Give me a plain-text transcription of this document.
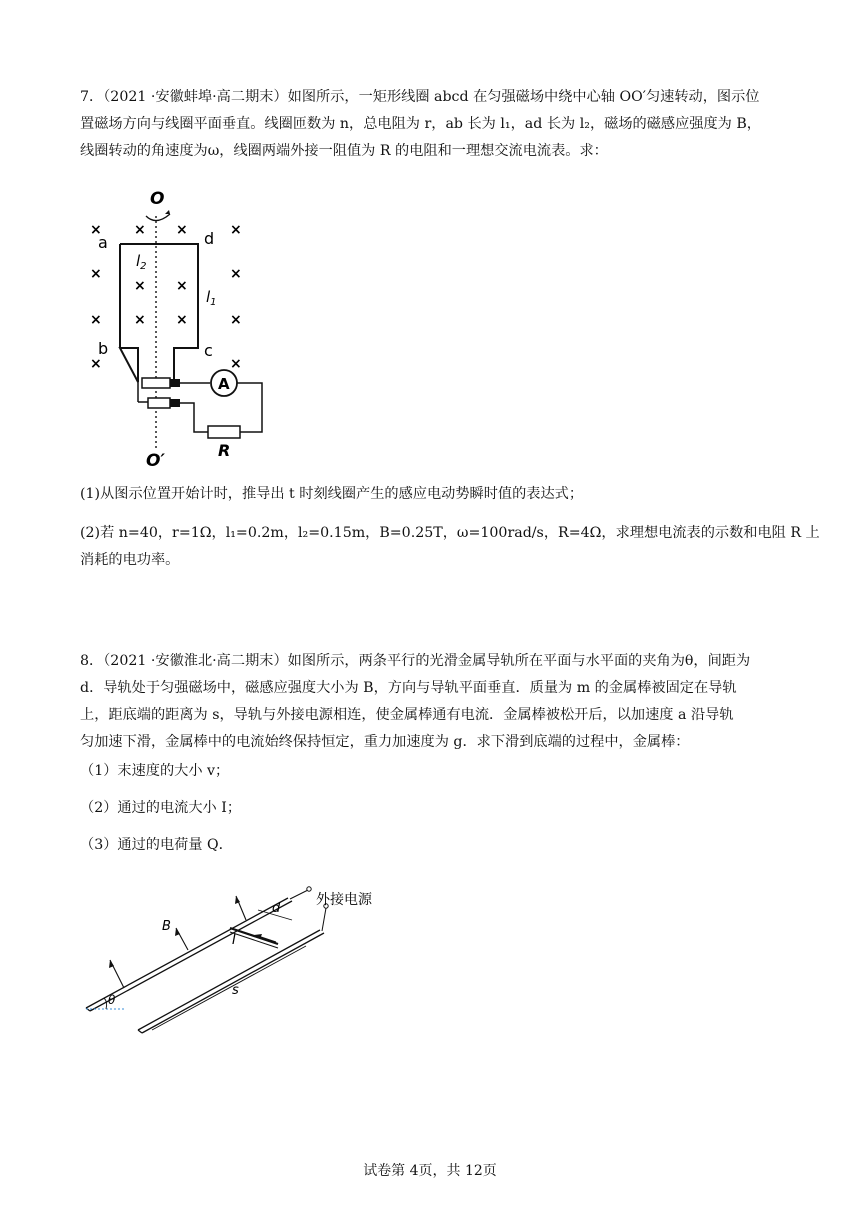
7．（2021 ·安徽蚌埠·高二期末）如图所示，一矩形线圈 abcd 在匀强磁场中绕中心轴 OO′匀速转动，图示位
置磁场方向与线圈平面垂直。线圈匝数为 n，总电阻为 r，ab 长为 l₁，ad 长为 l₂，磁场的磁感应强度为 B，
线圈转动的角速度为ω，线圈两端外接一阻值为 R 的电阻和一理想交流电流表。求：
O
O′
a	d
b	c
$l_2$
$l_1$
× × ×	×
×
× ×
×
× × ×	×
×	×
A
R
(1)从图示位置开始计时，推导出 t 时刻线圈产生的感应电动势瞬时值的表达式；
(2)若 n=40，r=1Ω，l₁=0.2m，l₂=0.15m，B=0.25T，ω=100rad/s，R=4Ω，求理想电流表的示数和电阻 R 上
消耗的电功率。
8．（2021 ·安徽淮北·高二期末）如图所示，两条平行的光滑金属导轨所在平面与水平面的夹角为θ，间距为
d．导轨处于匀强磁场中，磁感应强度大小为 B，方向与导轨平面垂直．质量为 m 的金属棒被固定在导轨
上，距底端的距离为 s，导轨与外接电源相连，使金属棒通有电流．金属棒被松开后，以加速度 a 沿导轨
匀加速下滑，金属棒中的电流始终保持恒定，重力加速度为 g．求下滑到底端的过程中，金属棒：
（1）末速度的大小 v；
（2）通过的电流大小 I；
（3）通过的电荷量 Q．
外接电源
I
d
s
B
θ
试卷第 4页，共 12页
